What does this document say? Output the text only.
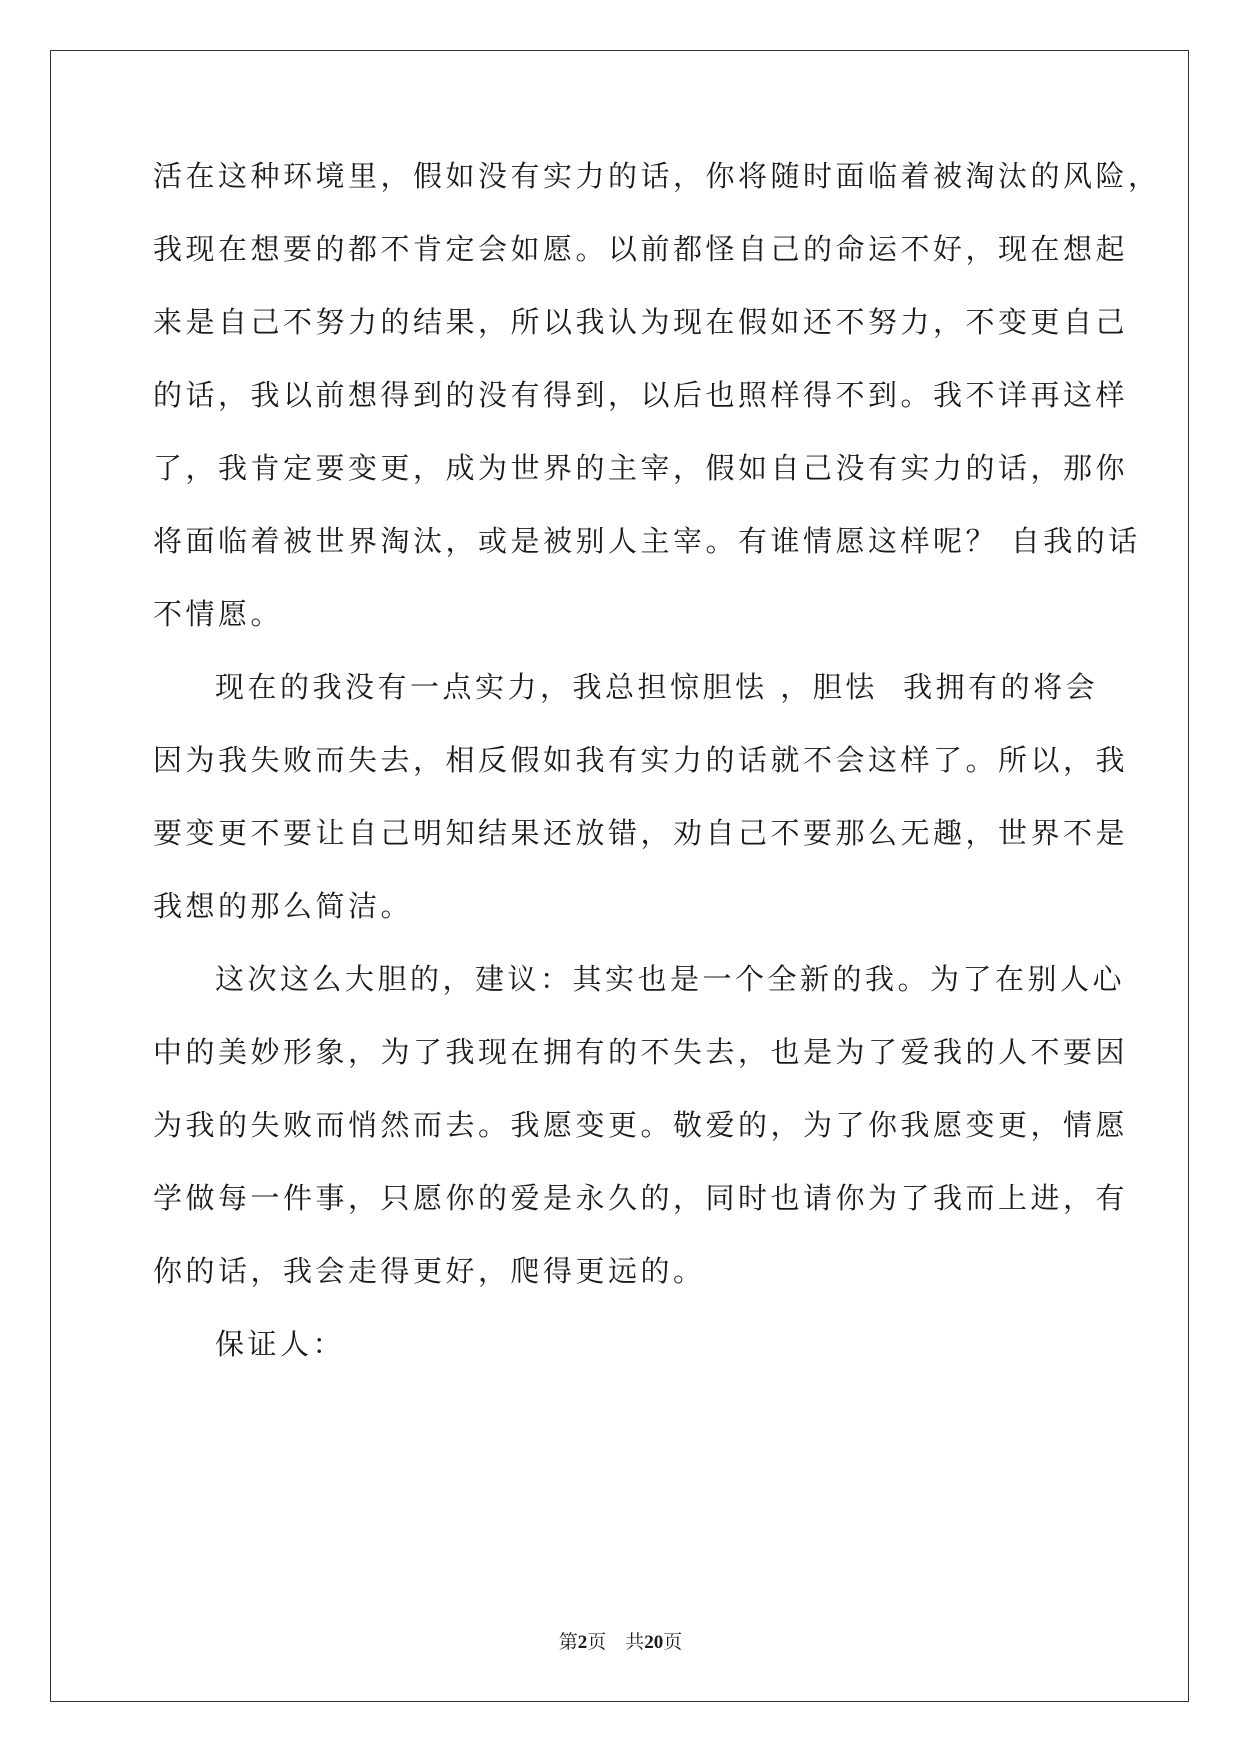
活在这种环境里，假如没有实力的话，你将随时面临着被淘汰的风险，
我现在想要的都不肯定会如愿。以前都怪自己的命运不好，现在想起
来是自己不努力的结果，所以我认为现在假如还不努力，不变更自己
的话，我以前想得到的没有得到，以后也照样得不到。我不详再这样
了，我肯定要变更，成为世界的主宰，假如自己没有实力的话，那你
将面临着被世界淘汰，或是被别人主宰。有谁情愿这样呢？ 自我的话
不情愿。
现在的我没有一点实力，我总担惊胆怯 ，胆怯  我拥有的将会
因为我失败而失去，相反假如我有实力的话就不会这样了。所以，我
要变更不要让自己明知结果还放错，劝自己不要那么无趣，世界不是
我想的那么简洁。
这次这么大胆的，建议：其实也是一个全新的我。为了在别人心
中的美妙形象，为了我现在拥有的不失去，也是为了爱我的人不要因
为我的失败而悄然而去。我愿变更。敬爱的，为了你我愿变更，情愿
学做每一件事，只愿你的爱是永久的，同时也请你为了我而上进，有
你的话，我会走得更好，爬得更远的。
保证人：
第2页　共20页
